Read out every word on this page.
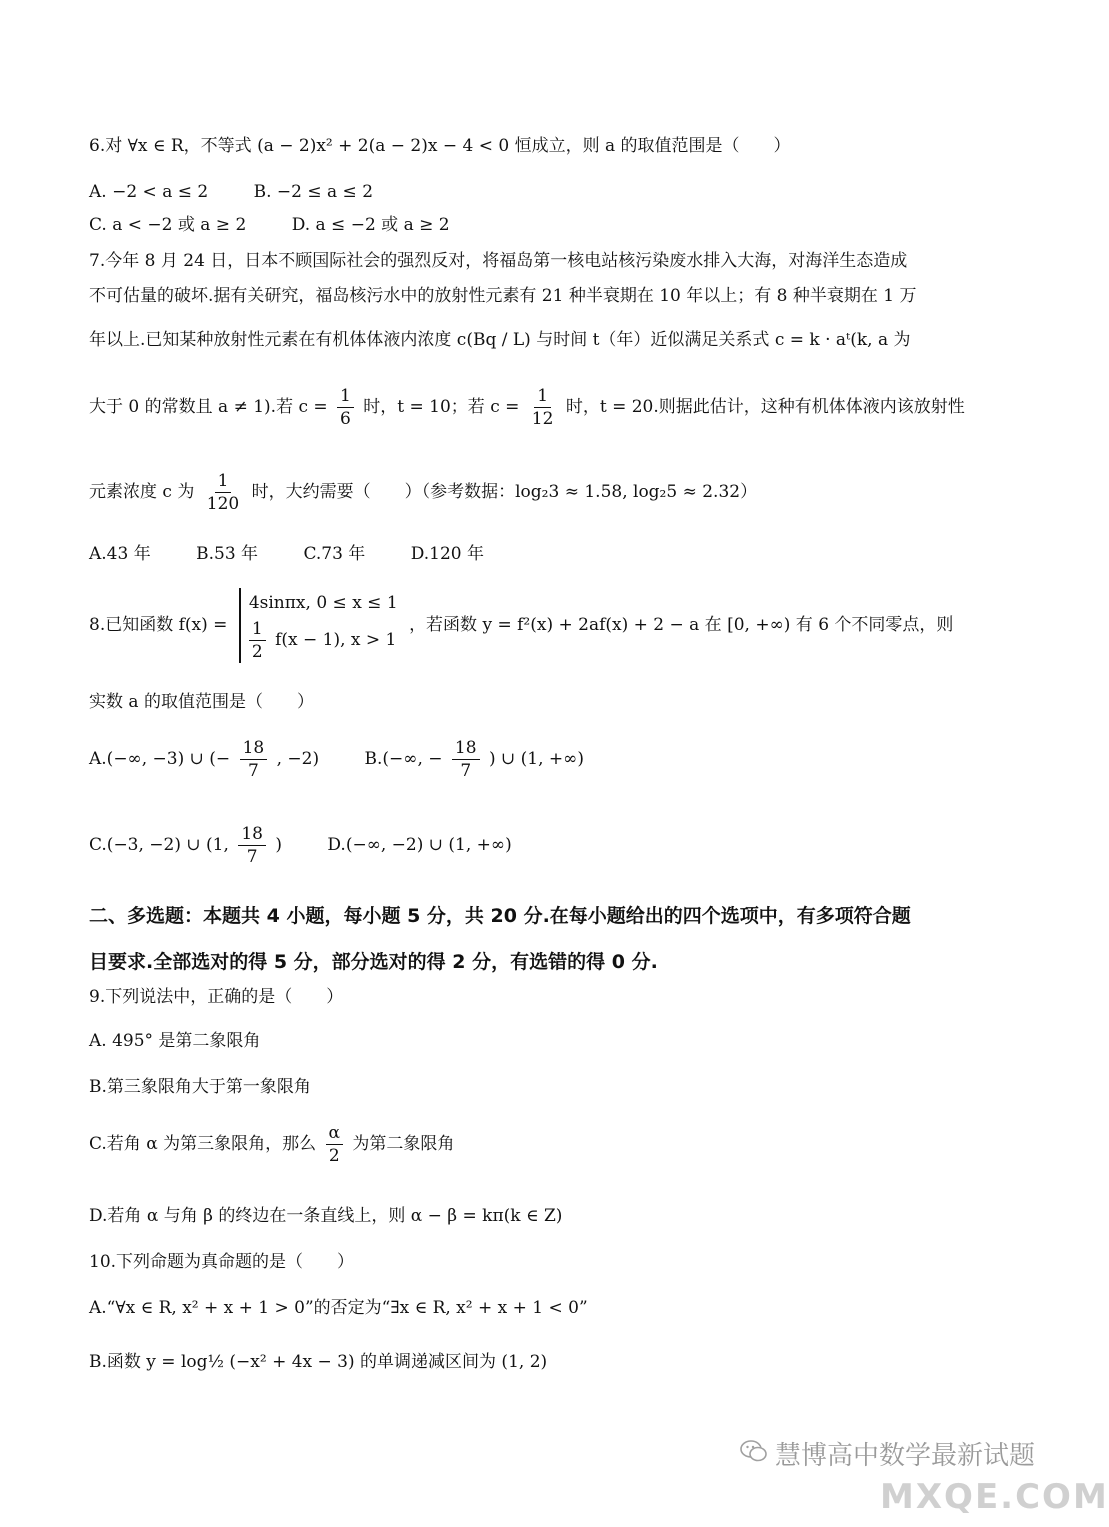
6.对 ∀x ∈ R，不等式 (a − 2)x² + 2(a − 2)x − 4 < 0 恒成立，则 a 的取值范围是（　　）
A. −2 < a ≤ 2	B. −2 ≤ a ≤ 2
C. a < −2 或 a ≥ 2	D. a ≤ −2 或 a ≥ 2
7.今年 8 月 24 日，日本不顾国际社会的强烈反对，将福岛第一核电站核污染废水排入大海，对海洋生态造成
不可估量的破坏.据有关研究，福岛核污水中的放射性元素有 21 种半衰期在 10 年以上；有 8 种半衰期在 1 万
年以上.已知某种放射性元素在有机体体液内浓度 c(Bq / L) 与时间 t（年）近似满足关系式 c = k · aᵗ(k, a 为
大于 0 的常数且 a ≠ 1).若 $c = \frac{1}{6}$ 时，t = 10；若 $c = \frac{1}{12}$ 时，t = 20.则据此估计，这种有机体体液内该放射性
元素浓度 c 为 $\frac{1}{120}$ 时，大约需要（　　）（参考数据：log₂3 ≈ 1.58, log₂5 ≈ 2.32）
A.43 年	B.53 年	C.73 年	D.120 年
8.已知函数 f(x) =
4sinπx, 0 ≤ x ≤ 1
$\frac{1}{2} f(x - 1)$, x > 1
，若函数 y = f²(x) + 2af(x) + 2 − a 在 [0, +∞) 有 6 个不同零点，则
实数 a 的取值范围是（　　）
A.(−∞, −3) ∪ (− $\frac{18}{7}$ , −2)	B.(−∞, − $\frac{18}{7}$ ) ∪ (1, +∞)
C.(−3, −2) ∪ (1, $\frac{18}{7}$ )	D.(−∞, −2) ∪ (1, +∞)
二、多选题：本题共 4 小题，每小题 5 分，共 20 分.在每小题给出的四个选项中，有多项符合题
目要求.全部选对的得 5 分，部分选对的得 2 分，有选错的得 0 分.
9.下列说法中，正确的是（　　）
A. 495° 是第二象限角
B.第三象限角大于第一象限角
C.若角 α 为第三象限角，那么 $\frac{\alpha}{2}$ 为第二象限角
D.若角 α 与角 β 的终边在一条直线上，则 α − β = kπ(k ∈ Z)
10.下列命题为真命题的是（　　）
A.“∀x ∈ R, x² + x + 1 > 0”的否定为“∃x ∈ R, x² + x + 1 < 0”
B.函数 y = log½ (−x² + 4x − 3) 的单调递减区间为 (1, 2)
慧博高中数学最新试题
MXQE.COM
